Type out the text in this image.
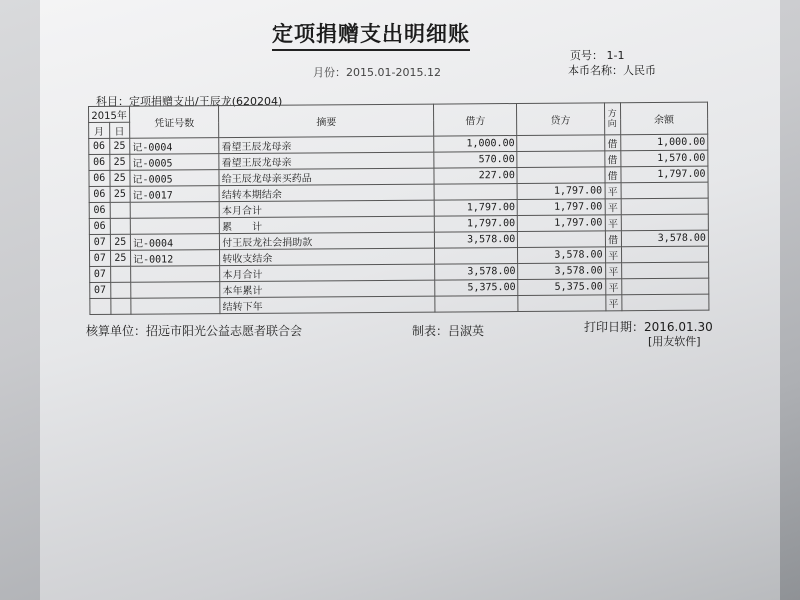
定项捐赠支出明细账
页号： 1-1
月份：2015.01-2015.12	本币名称：人民币
科目：定项捐赠支出/王辰龙(620204)
2015年		凭证号数	摘要	借方	贷方	方向	余额
月	日						
06	25	记-0004	看望王辰龙母亲	1,000.00		借	1,000.00
06	25	记-0005	看望王辰龙母亲	570.00		借	1,570.00
06	25	记-0005	给王辰龙母亲买药品	227.00		借	1,797.00
06	25	记-0017	结转本期结余		1,797.00	平	
06			本月合计	1,797.00	1,797.00	平	
06			累　　计	1,797.00	1,797.00	平	
07	25	记-0004	付王辰龙社会捐助款	3,578.00		借	3,578.00
07	25	记-0012	转收支结余		3,578.00	平	
07			本月合计	3,578.00	3,578.00	平	
07			本年累计	5,375.00	5,375.00	平	
			结转下年			平	
核算单位：招远市阳光公益志愿者联合会	制表：吕淑英	打印日期：2016.01.30
[用友软件]
